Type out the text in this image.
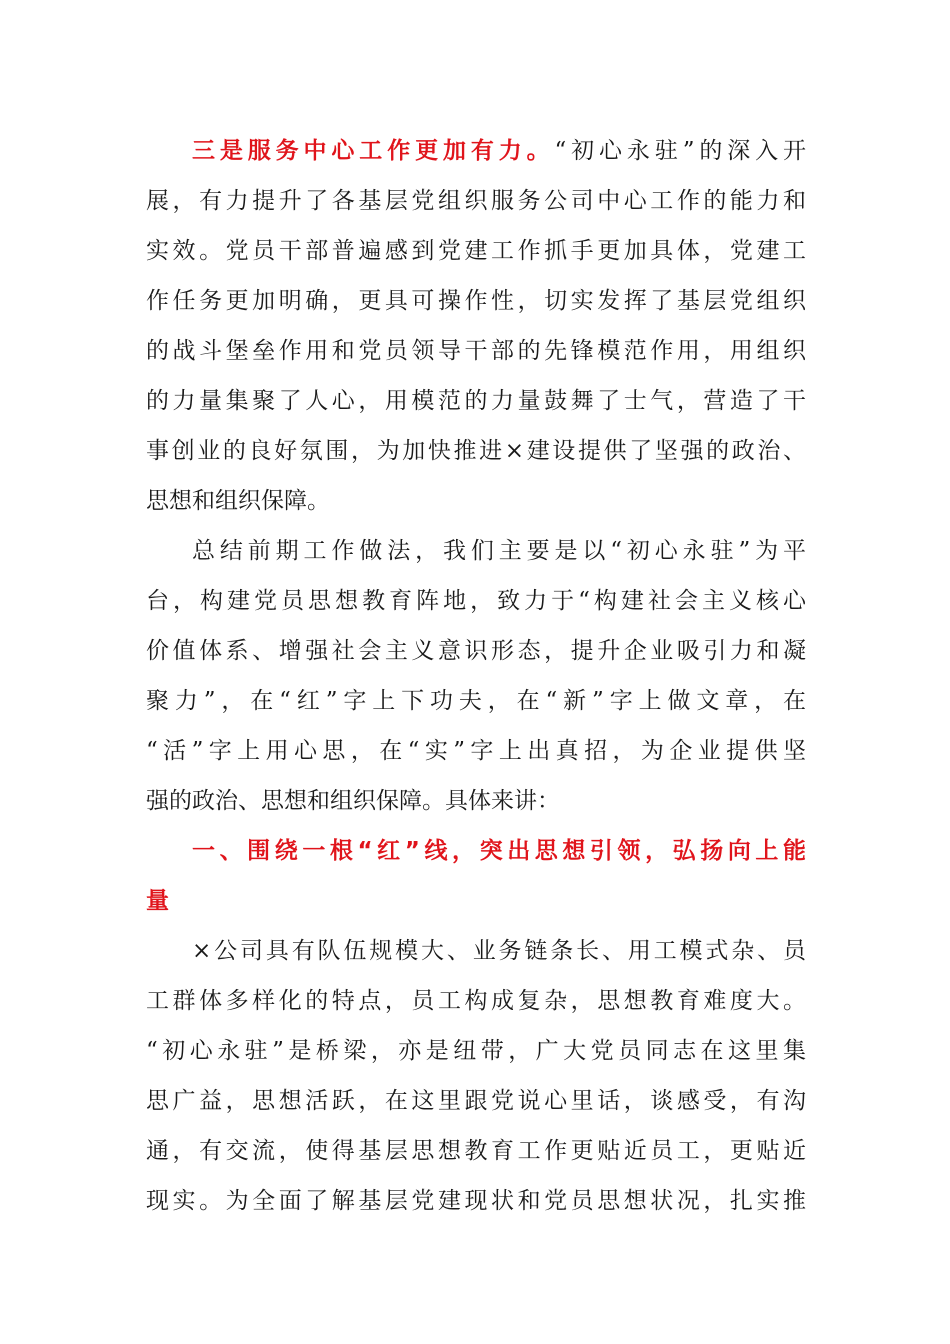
三是服务中心工作更加有力。“初心永驻”的深入开
展，有力提升了各基层党组织服务公司中心工作的能力和
实效。党员干部普遍感到党建工作抓手更加具体，党建工
作任务更加明确，更具可操作性，切实发挥了基层党组织
的战斗堡垒作用和党员领导干部的先锋模范作用，用组织
的力量集聚了人心，用模范的力量鼓舞了士气，营造了干
事创业的良好氛围，为加快推进×建设提供了坚强的政治、
思想和组织保障。
总结前期工作做法，我们主要是以“初心永驻”为平
台，构建党员思想教育阵地，致力于“构建社会主义核心
价值体系、增强社会主义意识形态，提升企业吸引力和凝
聚力”，在“红”字上下功夫，在“新”字上做文章，在
“活”字上用心思，在“实”字上出真招，为企业提供坚
强的政治、思想和组织保障。具体来讲：
一、围绕一根“红”线，突出思想引领，弘扬向上能
量
×公司具有队伍规模大、业务链条长、用工模式杂、员
工群体多样化的特点，员工构成复杂，思想教育难度大。
“初心永驻”是桥梁，亦是纽带，广大党员同志在这里集
思广益，思想活跃，在这里跟党说心里话，谈感受，有沟
通，有交流，使得基层思想教育工作更贴近员工，更贴近
现实。为全面了解基层党建现状和党员思想状况，扎实推
